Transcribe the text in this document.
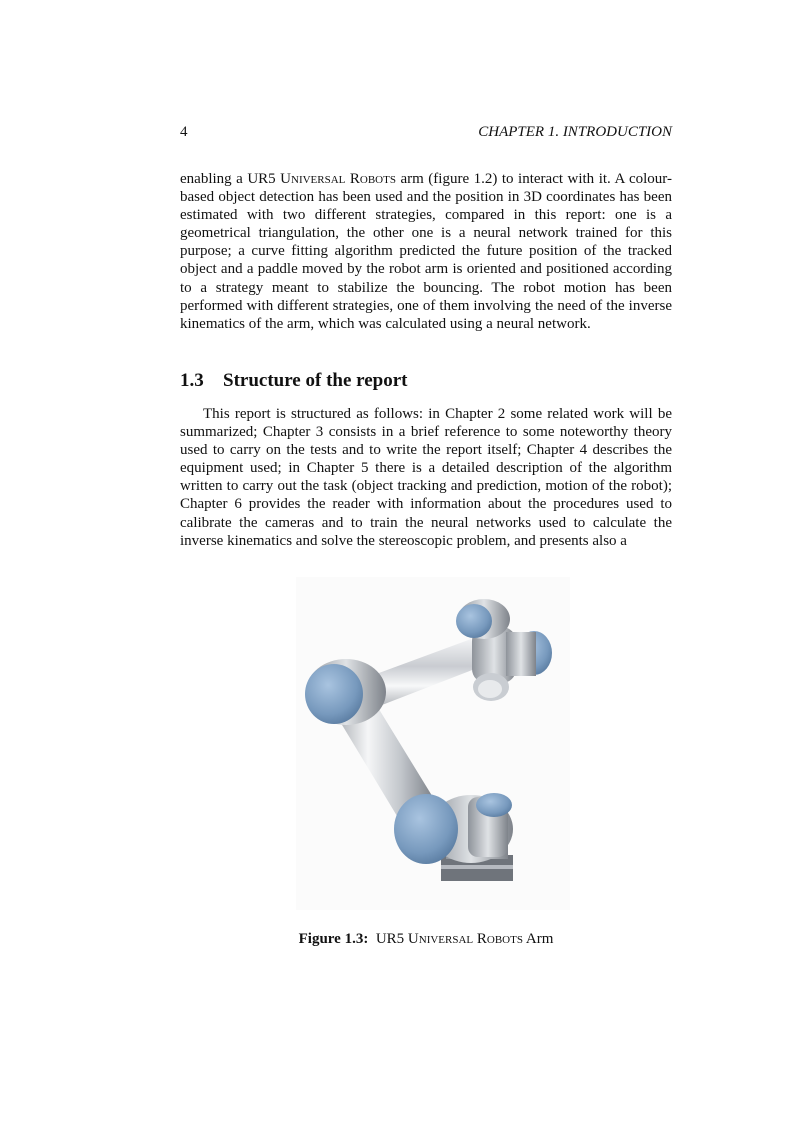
4	CHAPTER 1. INTRODUCTION

enabling a UR5 Universal Robots arm (figure 1.2) to interact with it. A colour-based object detection has been used and the position in 3D coordinates has been estimated with two different strategies, compared in this report: one is a geometrical triangulation, the other one is a neural network trained for this purpose; a curve fitting algorithm predicted the future position of the tracked object and a paddle moved by the robot arm is oriented and positioned according to a strategy meant to stabilize the bouncing. The robot motion has been performed with different strategies, one of them involving the need of the inverse kinematics of the arm, which was calculated using a neural network.

1.3 Structure of the report

This report is structured as follows: in Chapter 2 some related work will be summarized; Chapter 3 consists in a brief reference to some noteworthy theory used to carry on the tests and to write the report itself; Chapter 4 describes the equipment used; in Chapter 5 there is a detailed description of the algorithm written to carry out the task (object tracking and prediction, motion of the robot); Chapter 6 provides the reader with information about the procedures used to calibrate the cameras and to train the neural networks used to calculate the inverse kinematics and solve the stereoscopic problem, and presents also a

Figure 1.3: UR5 Universal Robots Arm
